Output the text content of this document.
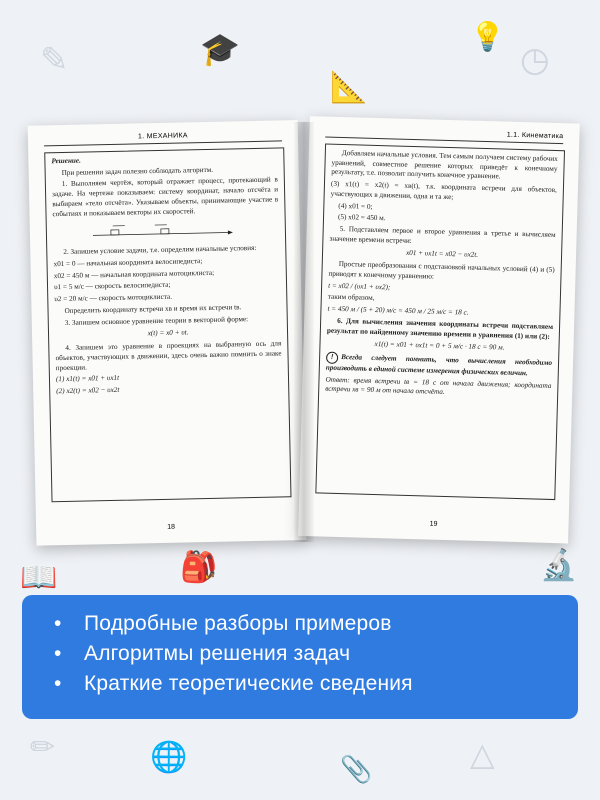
✎	🎓
📐
◷
💡
📖	🎒	🔬
✏	🌐	△
📎
1. МЕХАНИКА

Решение.

При решении задач полезно соблюдать алгоритм.

1. Выполняем чертёж, который отражает процесс, протекающий в задаче. На чертеже показываем: систему координат, начало отсчёта и выбираем «тело отсчёта». Указываем объекты, принимающие участие в событиях и показываем векторы их скоростей.

2. Запишем условие задачи, т.е. определим начальные условия:

x01 = 0 — начальная координата велосипедиста;

x02 = 450 м — начальная координата мотоциклиста;

υ1 = 5 м/с — скорость велосипедиста;

υ2 = 20 м/с — скорость мотоциклиста.

Определить координату встречи xв и время их встречи tв.

3. Запишем основное уравнение теории в векторной форме:

x(t) = x0 + υt.

4. Запишем это уравнение в проекциях на выбранную ось для объектов, участвующих в движении, здесь очень важно помнить о знаке проекции.

(1) x1(t) = x01 + υx1t

(2) x2(t) = x02 − υx2t

18
1.1. Кинематика

Добавляем начальные условия. Тем самым получаем систему рабочих уравнений, совместное решение которых приведёт к конечному результату, т.е. позволит получить конечное уравнение.

(3) x1(t) = x2(t) = xв(t), т.к. координата встречи для объектов, участвующих в движении, одна и та же;

(4) x01 = 0;

(5) x02 = 450 м.

5. Подставляем первое и второе уравнения в третье и вычисляем значение времени встречи:

x01 + υx1t = x02 − υx2t.

Простые преобразования с подстановкой начальных условий (4) и (5) приводят к конечному уравнению:

t = x02 / (υx1 + υx2);

таким образом,

t = 450 м / (5 + 20) м/с = 450 м / 25 м/с = 18 с.

6. Для вычисления значения координаты встречи подставляем результат по найденному значению времени в уравнения (1) или (2):

x1(t) = x01 + υx1t = 0 + 5 м/с · 18 с = 90 м.

! Всегда следует помнить, что вычисления необходимо производить в единой системе измерения физических величин.

Ответ: время встречи tв = 18 с от начала движения; координата встречи xв = 90 м от начала отсчёта.

19
• Подробные разборы примеров
• Алгоритмы решения задач
• Краткие теоретические сведения
